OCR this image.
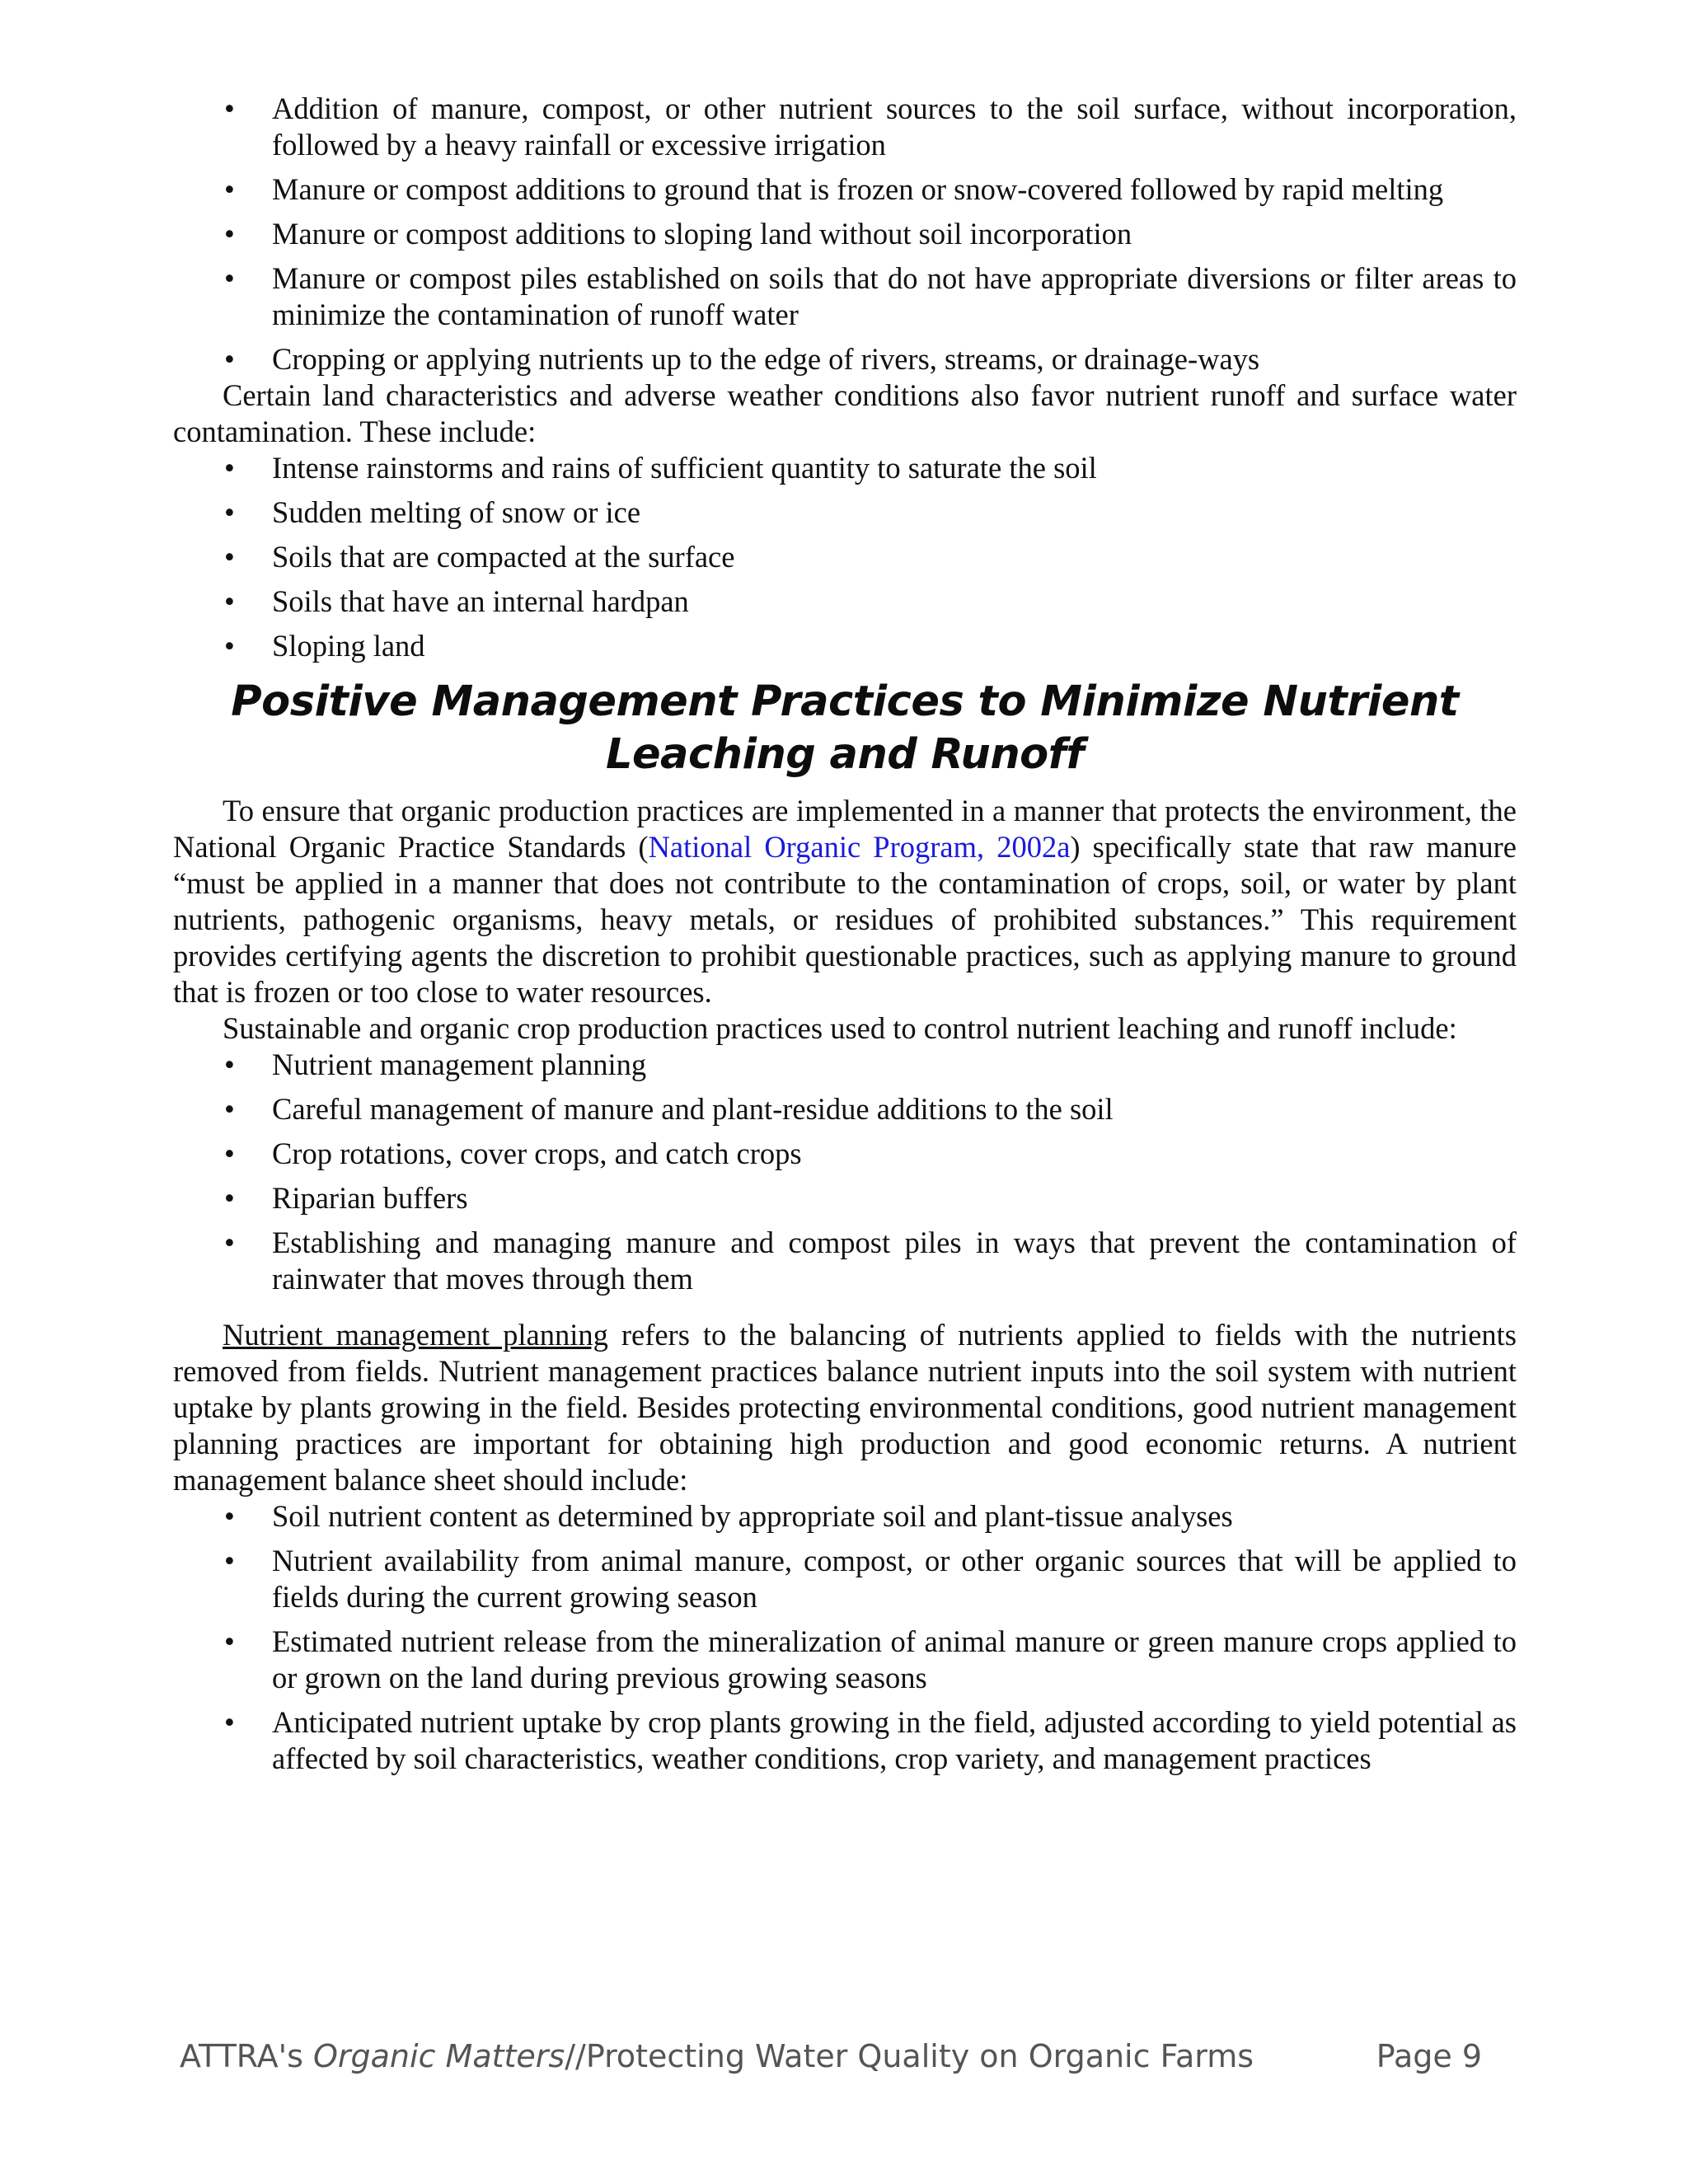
• Addition of manure, compost, or other nutrient sources to the soil surface, without incorporation, followed by a heavy rainfall or excessive irrigation
• Manure or compost additions to ground that is frozen or snow-covered followed by rapid melting
• Manure or compost additions to sloping land without soil incorporation
• Manure or compost piles established on soils that do not have appropriate diversions or filter areas to minimize the contamination of runoff water
• Cropping or applying nutrients up to the edge of rivers, streams, or drainage-ways

Certain land characteristics and adverse weather conditions also favor nutrient runoff and surface water contamination. These include:

• Intense rainstorms and rains of sufficient quantity to saturate the soil
• Sudden melting of snow or ice
• Soils that are compacted at the surface
• Soils that have an internal hardpan
• Sloping land
Positive Management Practices to Minimize Nutrient
Leaching and Runoff

To ensure that organic production practices are implemented in a manner that protects the environment, the National Organic Practice Standards (National Organic Program, 2002a) specifically state that raw manure “must be applied in a manner that does not contribute to the contamination of crops, soil, or water by plant nutrients, pathogenic organisms, heavy metals, or residues of prohibited substances.” This requirement provides certifying agents the discretion to prohibit questionable practices, such as applying manure to ground that is frozen or too close to water resources.

Sustainable and organic crop production practices used to control nutrient leaching and runoff include:

• Nutrient management planning
• Careful management of manure and plant-residue additions to the soil
• Crop rotations, cover crops, and catch crops
• Riparian buffers
• Establishing and managing manure and compost piles in ways that prevent the contamination of rainwater that moves through them

Nutrient management planning refers to the balancing of nutrients applied to fields with the nutrients removed from fields. Nutrient management practices balance nutrient inputs into the soil system with nutrient uptake by plants growing in the field. Besides protecting environmental conditions, good nutrient management planning practices are important for obtaining high production and good economic returns. A nutrient management balance sheet should include:

• Soil nutrient content as determined by appropriate soil and plant-tissue analyses
• Nutrient availability from animal manure, compost, or other organic sources that will be applied to fields during the current growing season
• Estimated nutrient release from the mineralization of animal manure or green manure crops applied to or grown on the land during previous growing seasons
• Anticipated nutrient uptake by crop plants growing in the field, adjusted according to yield potential as affected by soil characteristics, weather conditions, crop variety, and management practices
ATTRA's Organic Matters//Protecting Water Quality on Organic Farms	Page 9
